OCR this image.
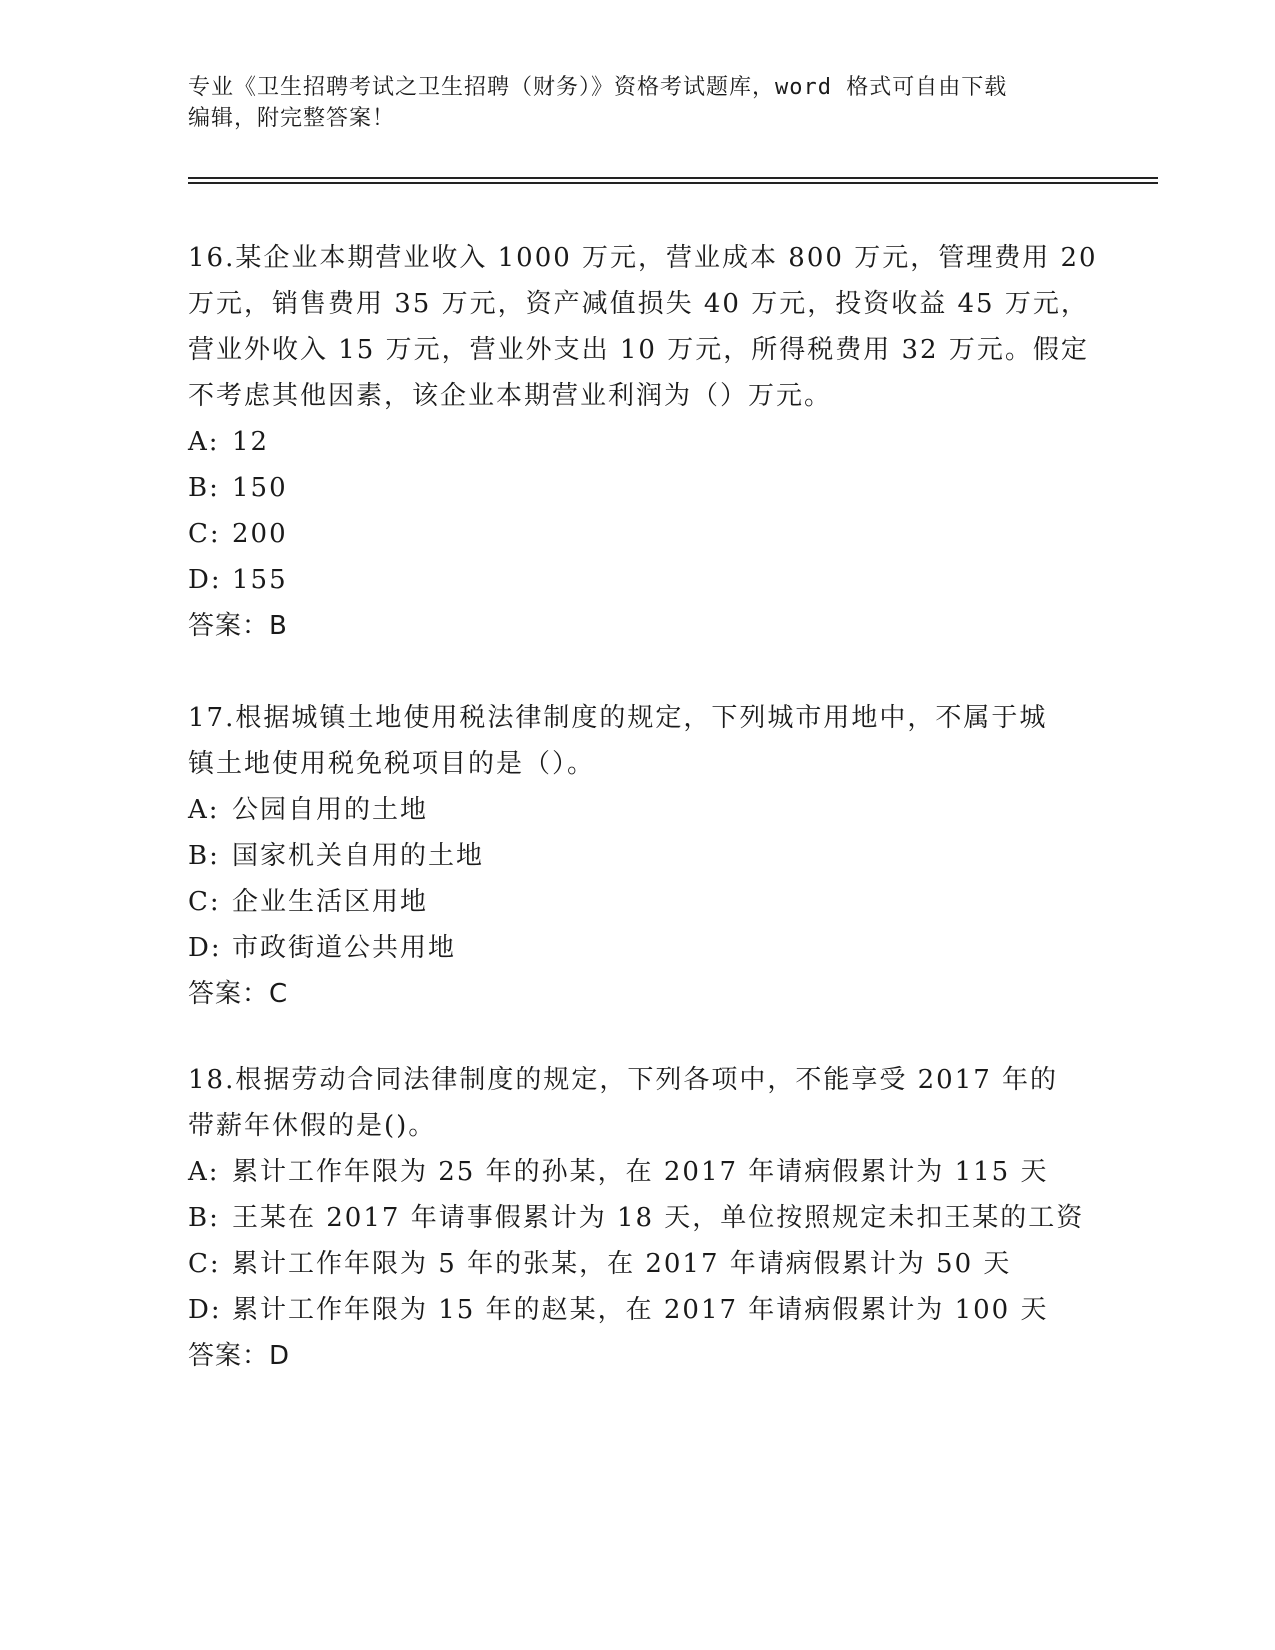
专业《卫生招聘考试之卫生招聘（财务）》资格考试题库，word 格式可自由下载
编辑，附完整答案！
16.某企业本期营业收入 1000 万元，营业成本 800 万元，管理费用 20
万元，销售费用 35 万元，资产减值损失 40 万元，投资收益 45 万元，
营业外收入 15 万元，营业外支出 10 万元，所得税费用 32 万元。假定
不考虑其他因素，该企业本期营业利润为（）万元。
A: 12
B: 150
C: 200
D: 155
答案：B
17.根据城镇土地使用税法律制度的规定，下列城市用地中，不属于城
镇土地使用税免税项目的是（）。
A: 公园自用的土地
B: 国家机关自用的土地
C: 企业生活区用地
D: 市政街道公共用地
答案：C
18.根据劳动合同法律制度的规定，下列各项中，不能享受 2017 年的
带薪年休假的是()。
A: 累计工作年限为 25 年的孙某，在 2017 年请病假累计为 115 天
B: 王某在 2017 年请事假累计为 18 天，单位按照规定未扣王某的工资
C: 累计工作年限为 5 年的张某，在 2017 年请病假累计为 50 天
D: 累计工作年限为 15 年的赵某，在 2017 年请病假累计为 100 天
答案：D
